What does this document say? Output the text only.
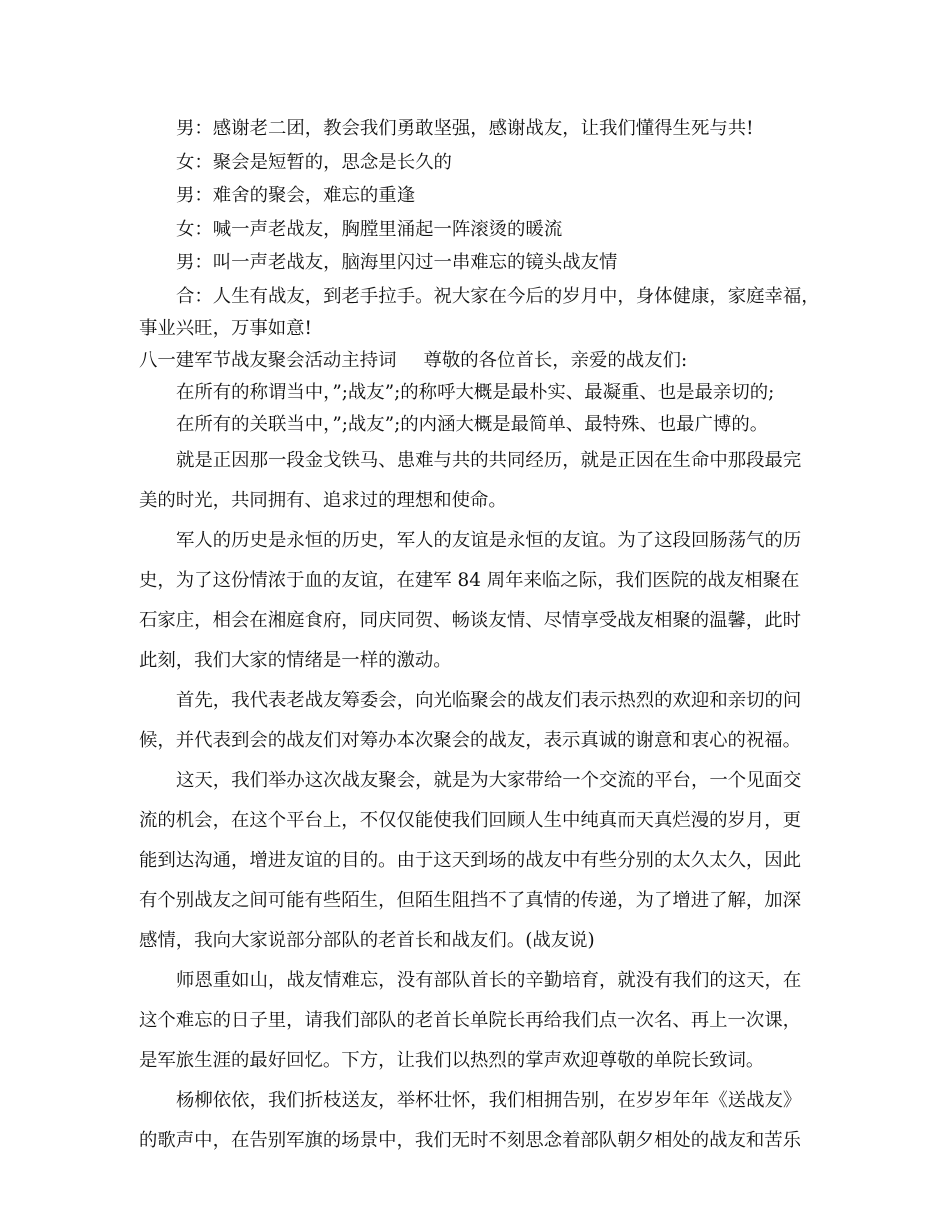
男：感谢老二团，教会我们勇敢坚强，感谢战友，让我们懂得生死与共!
女：聚会是短暂的，思念是长久的
男：难舍的聚会，难忘的重逢
女：喊一声老战友，胸膛里涌起一阵滚烫的暖流
男：叫一声老战友，脑海里闪过一串难忘的镜头战友情
合：人生有战友，到老手拉手。祝大家在今后的岁月中，身体健康，家庭幸福，
事业兴旺，万事如意!
八一建军节战友聚会活动主持词 尊敬的各位首长，亲爱的战友们:
在所有的称谓当中，”;战友”;的称呼大概是最朴实、最凝重、也是最亲切的;
在所有的关联当中，”;战友”;的内涵大概是最简单、最特殊、也最广博的。
就是正因那一段金戈铁马、患难与共的共同经历，就是正因在生命中那段最完
美的时光，共同拥有、追求过的理想和使命。
军人的历史是永恒的历史，军人的友谊是永恒的友谊。为了这段回肠荡气的历
史，为了这份情浓于血的友谊，在建军 84 周年来临之际，我们医院的战友相聚在
石家庄，相会在湘庭食府，同庆同贺、畅谈友情、尽情享受战友相聚的温馨，此时
此刻，我们大家的情绪是一样的激动。
首先，我代表老战友筹委会，向光临聚会的战友们表示热烈的欢迎和亲切的问
候，并代表到会的战友们对筹办本次聚会的战友，表示真诚的谢意和衷心的祝福。
这天，我们举办这次战友聚会，就是为大家带给一个交流的平台，一个见面交
流的机会，在这个平台上，不仅仅能使我们回顾人生中纯真而天真烂漫的岁月，更
能到达沟通，增进友谊的目的。由于这天到场的战友中有些分别的太久太久，因此
有个别战友之间可能有些陌生，但陌生阻挡不了真情的传递，为了增进了解，加深
感情，我向大家说部分部队的老首长和战友们。(战友说)
师恩重如山，战友情难忘，没有部队首长的辛勤培育，就没有我们的这天，在
这个难忘的日子里，请我们部队的老首长单院长再给我们点一次名、再上一次课，
是军旅生涯的最好回忆。下方，让我们以热烈的掌声欢迎尊敬的单院长致词。
杨柳依依，我们折枝送友，举杯壮怀，我们相拥告别，在岁岁年年《送战友》
的歌声中，在告别军旗的场景中，我们无时不刻思念着部队朝夕相处的战友和苦乐
